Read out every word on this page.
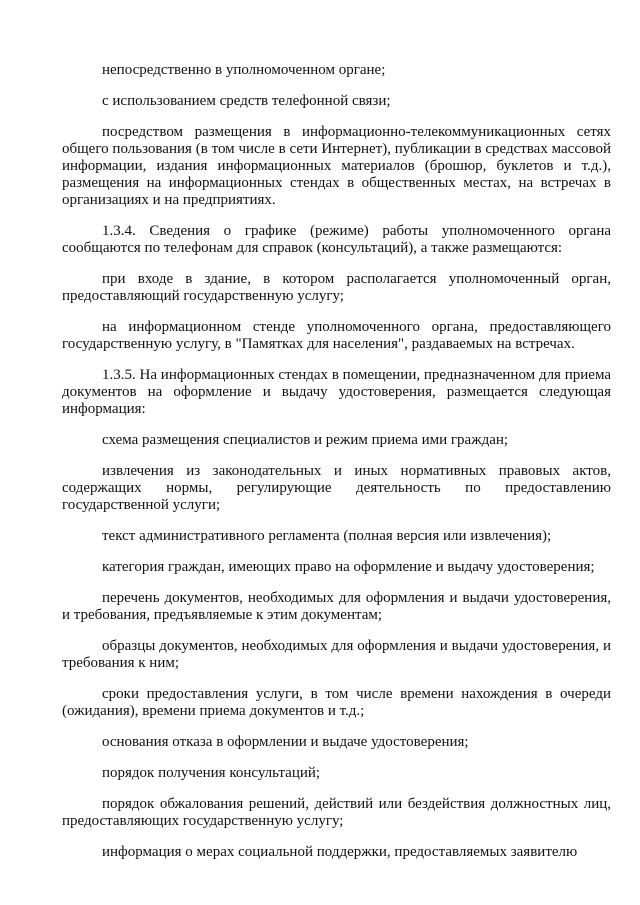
непосредственно в уполномоченном органе;

с использованием средств телефонной связи;

посредством размещения в информационно-телекоммуникационных сетях общего пользования (в том числе в сети Интернет), публикации в средствах массовой информации, издания информационных материалов (брошюр, буклетов и т.д.), размещения на информационных стендах в общественных местах, на встречах в организациях и на предприятиях.

1.3.4. Сведения о графике (режиме) работы уполномоченного органа сообщаются по телефонам для справок (консультаций), а также размещаются:

при входе в здание, в котором располагается уполномоченный орган, предоставляющий государственную услугу;

на информационном стенде уполномоченного органа, предоставляющего государственную услугу, в "Памятках для населения", раздаваемых на встречах.

1.3.5. На информационных стендах в помещении, предназначенном для приема документов на оформление и выдачу удостоверения, размещается следующая информация:

схема размещения специалистов и режим приема ими граждан;

извлечения из законодательных и иных нормативных правовых актов, содержащих нормы, регулирующие деятельность по предоставлению государственной услуги;

текст административного регламента (полная версия или извлечения);

категория граждан, имеющих право на оформление и выдачу удостоверения;

перечень документов, необходимых для оформления и выдачи удостоверения, и требования, предъявляемые к этим документам;

образцы документов, необходимых для оформления и выдачи удостоверения, и требования к ним;

сроки предоставления услуги, в том числе времени нахождения в очереди (ожидания), времени приема документов и т.д.;

основания отказа в оформлении и выдаче удостоверения;

порядок получения консультаций;

порядок обжалования решений, действий или бездействия должностных лиц, предоставляющих государственную услугу;

информация о мерах социальной поддержки, предоставляемых заявителю
